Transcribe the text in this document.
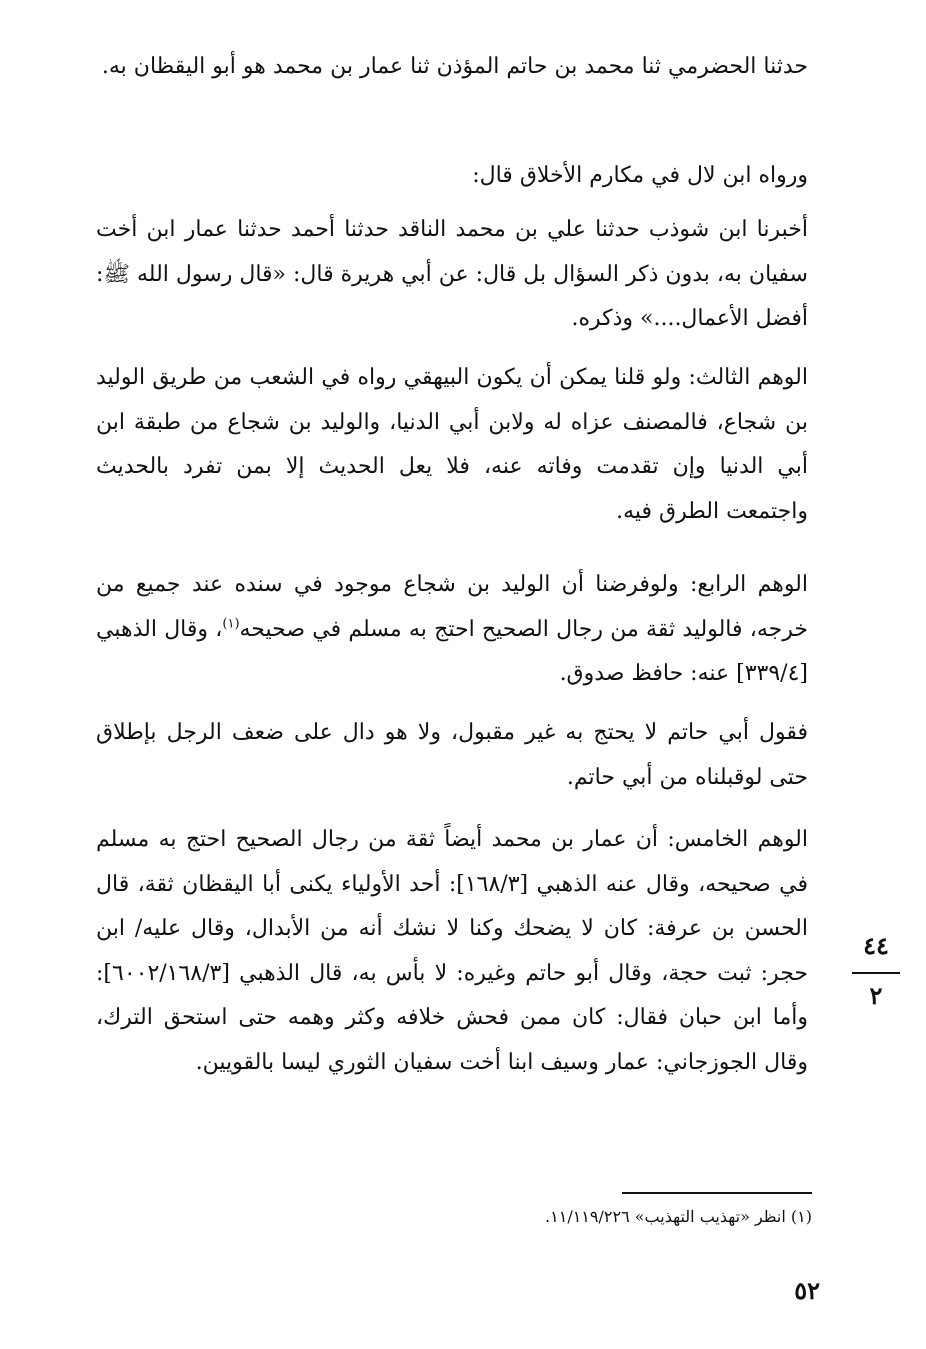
حدثنا الحضرمي ثنا محمد بن حاتم المؤذن ثنا عمار بن محمد هو أبو اليقظان به.

ورواه ابن لال في مكارم الأخلاق قال:

أخبرنا ابن شوذب حدثنا علي بن محمد الناقد حدثنا أحمد حدثنا عمار ابن أخت سفيان به، بدون ذكر السؤال بل قال: عن أبي هريرة قال: «قال رسول الله ﷺ: أفضل الأعمال....» وذكره.

الوهم الثالث: ولو قلنا يمكن أن يكون البيهقي رواه في الشعب من طريق الوليد بن شجاع، فالمصنف عزاه له ولابن أبي الدنيا، والوليد بن شجاع من طبقة ابن أبي الدنيا وإن تقدمت وفاته عنه، فلا يعل الحديث إلا بمن تفرد بالحديث واجتمعت الطرق فيه.

الوهم الرابع: ولوفرضنا أن الوليد بن شجاع موجود في سنده عند جميع من خرجه، فالوليد ثقة من رجال الصحيح احتج به مسلم في صحيحه$^{(١)}$، وقال الذهبي [٣٣٩/٤] عنه: حافظ صدوق.

فقول أبي حاتم لا يحتج به غير مقبول، ولا هو دال على ضعف الرجل بإطلاق حتى لوقبلناه من أبي حاتم.

الوهم الخامس: أن عمار بن محمد أيضاً ثقة من رجال الصحيح احتج به مسلم في صحيحه، وقال عنه الذهبي [١٦٨/٣]: أحد الأولياء يكنى أبا اليقظان ثقة، قال الحسن بن عرفة: كان لا يضحك وكنا لا نشك أنه من الأبدال، وقال عليه/ ابن حجر: ثبت حجة، وقال أبو حاتم وغيره: لا بأس به، قال الذهبي [٦٠٠٢/١٦٨/٣]: وأما ابن حبان فقال: كان ممن فحش خلافه وكثر وهمه حتى استحق الترك، وقال الجوزجاني: عمار وسيف ابنا أخت سفيان الثوري ليسا بالقويين.

٤٤
٢
(١) انظر «تهذيب التهذيب» ١١/١١٩/٢٢٦.
٥٢
